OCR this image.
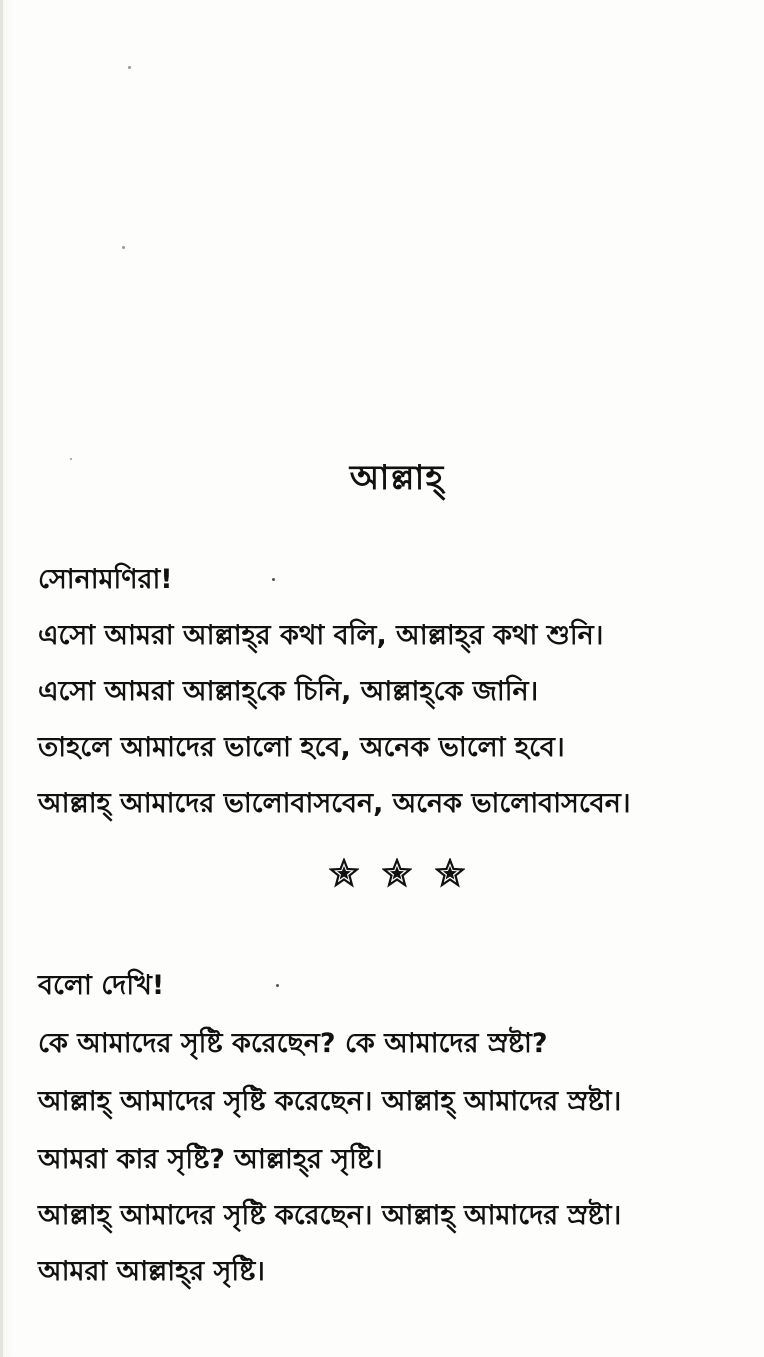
আল্লাহ্
সোনামণিরা!
এসো আমরা আল্লাহ্‌র কথা বলি, আল্লাহ্‌র কথা শুনি।
এসো আমরা আল্লাহ্‌কে চিনি, আল্লাহ্‌কে জানি।
তাহলে আমাদের ভালো হবে, অনেক ভালো হবে।
আল্লাহ্ আমাদের ভালোবাসবেন, অনেক ভালোবাসবেন।

বলো দেখি!
কে আমাদের সৃষ্টি করেছেন? কে আমাদের স্রষ্টা?
আল্লাহ্ আমাদের সৃষ্টি করেছেন। আল্লাহ্ আমাদের স্রষ্টা।
আমরা কার সৃষ্টি? আল্লাহ্‌র সৃষ্টি।
আল্লাহ্ আমাদের সৃষ্টি করেছেন। আল্লাহ্ আমাদের স্রষ্টা।
আমরা আল্লাহ্‌র সৃষ্টি।
